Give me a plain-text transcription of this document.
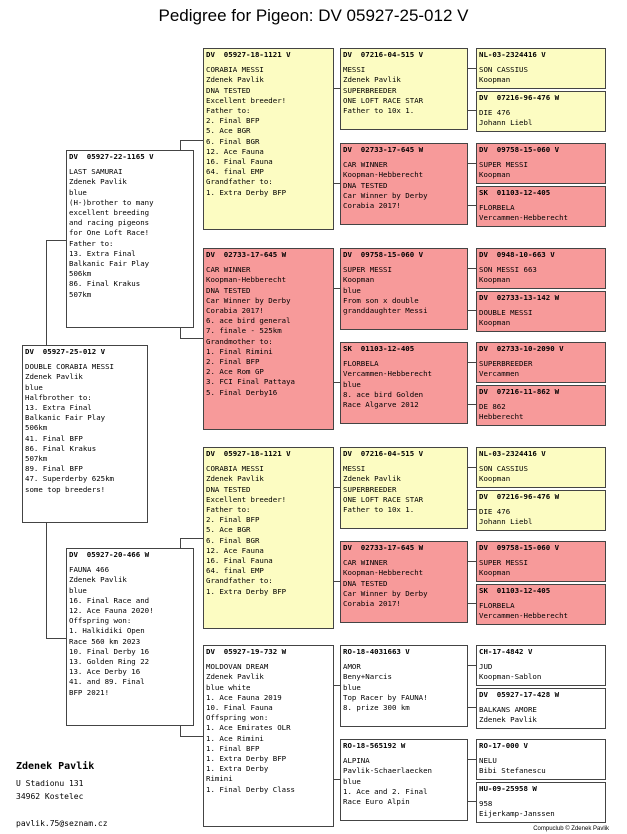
Pedigree for Pigeon: DV 05927-25-012 V
DV  05927-25-012 V
DOUBLE CORABIA MESSI
Zdenek Pavlik
blue
Halfbrother to:
13. Extra Final
Balkanic Fair Play
506km
41. Final BFP
86. Final Krakus
507km
89. Final BFP
47. Superderby 625km
some top breeders!
DV  05927-22-1165 V
LAST SAMURAI
Zdenek Pavlik
blue
(H-)brother to many
excellent breeding
and racing pigeons
for One Loft Race!
Father to:
13. Extra Final
Balkanic Fair Play
506km
86. Final Krakus
507km
DV  05927-20-466 W
FAUNA 466
Zdenek Pavlik
blue
16. Final Race and
12. Ace Fauna 2020!
Offspring won:
1. Halkidiki Open
Race 560 km 2023
10. Final Derby 16
13. Golden Ring 22
13. Ace Derby 16
41. and 89. Final
BFP 2021!
DV  05927-18-1121 V
CORABIA MESSI
Zdenek Pavlik
DNA TESTED
Excellent breeder!
Father to:
2. Final BFP
5. Ace BGR
6. Final BGR
12. Ace Fauna
16. Final Fauna
64. final EMP
Grandfather to:
1. Extra Derby BFP
DV  02733-17-645 W
CAR WINNER
Koopman-Hebberecht
DNA TESTED
Car Winner by Derby
Corabia 2017!
6. ace bird general
7. finale - 525km
Grandmother to:
1. Final Rimini
2. Final BFP
2. Ace Rom GP
3. FCI Final Pattaya
5. Final Derby16
DV  05927-18-1121 V
CORABIA MESSI
Zdenek Pavlik
DNA TESTED
Excellent breeder!
Father to:
2. Final BFP
5. Ace BGR
6. Final BGR
12. Ace Fauna
16. Final Fauna
64. final EMP
Grandfather to:
1. Extra Derby BFP
DV  05927-19-732 W
MOLDOVAN DREAM
Zdenek Pavlik
blue white
1. Ace Fauna 2019
10. Final Fauna
Offspring won:
1. Ace Emirates OLR
1. Ace Rimini
1. Final BFP
1. Extra Derby BFP
1. Extra Derby
Rimini
1. Final Derby Class
DV  07216-04-515 V
MESSI
Zdenek Pavlik
SUPERBREEDER
ONE LOFT RACE STAR
Father to 10x 1.
DV  02733-17-645 W
CAR WINNER
Koopman-Hebberecht
DNA TESTED
Car Winner by Derby
Corabia 2017!
DV  09758-15-060 V
SUPER MESSI
Koopman
blue
From son x double
granddaughter Messi
SK  01103-12-405
FLORBELA
Vercammen-Hebberecht
blue
8. ace bird Golden
Race Algarve 2012
DV  07216-04-515 V
MESSI
Zdenek Pavlik
SUPERBREEDER
ONE LOFT RACE STAR
Father to 10x 1.
DV  02733-17-645 W
CAR WINNER
Koopman-Hebberecht
DNA TESTED
Car Winner by Derby
Corabia 2017!
RO-18-4031663 V
AMOR
Beny+Narcis
blue
Top Racer by FAUNA!
8. prize 300 km
RO-18-565192 W
ALPINA
Pavlik-Schaerlaecken
blue
1. Ace and 2. Final
Race Euro Alpin
NL-03-2324416 V
SON CASSIUS
Koopman
DV  07216-96-476 W
DIE 476
Johann Liebl
DV  09758-15-060 V
SUPER MESSI
Koopman
SK  01103-12-405
FLORBELA
Vercammen-Hebberecht
DV  0948-10-663 V
SON MESSI 663
Koopman
DV  02733-13-142 W
DOUBLE MESSI
Koopman
DV  02733-10-2090 V
SUPERBREEDER
Vercammen
DV  07216-11-862 W
DE 862
Hebberecht
NL-03-2324416 V
SON CASSIUS
Koopman
DV  07216-96-476 W
DIE 476
Johann Liebl
DV  09758-15-060 V
SUPER MESSI
Koopman
SK  01103-12-405
FLORBELA
Vercammen-Hebberecht
CH-17-4842 V
JUD
Koopman-Sablon
DV  05927-17-428 W
BALKANS AMORE
Zdenek Pavlik
RO-17-000 V
NELU
Bibi Stefanescu
HU-09-25958 W
958
Eijerkamp-Janssen
Zdenek Pavlik
U Stadionu 131
34962 Kostelec
pavlik.75@seznam.cz
Compuclub © Zdenek Pavlik
